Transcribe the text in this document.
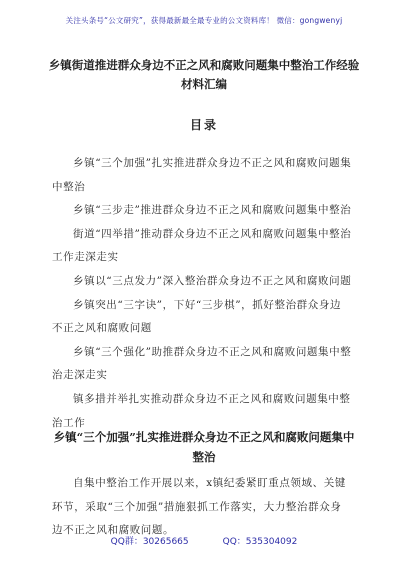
关注头条号“公文研究”，获得最新最全最专业的公文资料库！ 微信：gongwenyj
乡镇街道推进群众身边不正之风和腐败问题集中整治工作经验材料汇编
目录
乡镇“三个加强”扎实推进群众身边不正之风和腐败问题集中整治
乡镇“三步走”推进群众身边不正之风和腐败问题集中整治
街道“四举措”推动群众身边不正之风和腐败问题集中整治工作走深走实
乡镇以“三点发力”深入整治群众身边不正之风和腐败问题
乡镇突出“三字诀”，下好“三步棋”，抓好整治群众身边不正之风和腐败问题
乡镇“三个强化”助推群众身边不正之风和腐败问题集中整治走深走实
镇多措并举扎实推动群众身边不正之风和腐败问题集中整治工作
乡镇“三个加强”扎实推进群众身边不正之风和腐败问题集中整治
自集中整治工作开展以来，x镇纪委紧盯重点领域、关键环节，采取“三个加强”措施狠抓工作落实，大力整治群众身边不正之风和腐败问题。
QQ群：30265665	QQ：535304092
